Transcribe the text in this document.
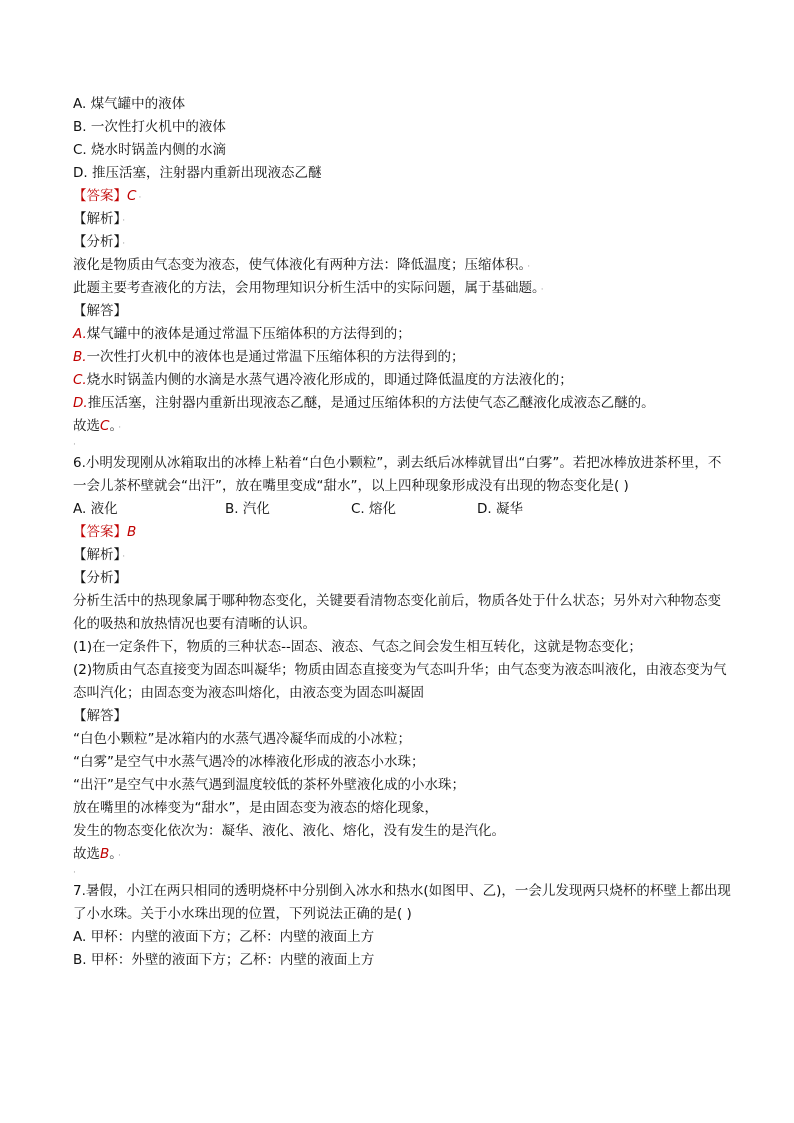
A. 煤气罐中的液体
B. 一次性打火机中的液体
C. 烧水时锅盖内侧的水滴
D. 推压活塞，注射器内重新出现液态乙醚
【答案】C ·
【解析】 ·
【分析】 ·
液化是物质由气态变为液态，使气体液化有两种方法：降低温度；压缩体积。 ·
此题主要考查液化的方法，会用物理知识分析生活中的实际问题，属于基础题。 ·
【解答】
A.煤气罐中的液体是通过常温下压缩体积的方法得到的；
B.一次性打火机中的液体也是通过常温下压缩体积的方法得到的；
C.烧水时锅盖内侧的水滴是水蒸气遇冷液化形成的，即通过降低温度的方法液化的；
D.推压活塞，注射器内重新出现液态乙醚，是通过压缩体积的方法使气态乙醚液化成液态乙醚的。
故选C。 ·
·
6.小明发现刚从冰箱取出的冰棒上粘着“白色小颗粒”，剥去纸后冰棒就冒出“白雾”。若把冰棒放进茶杯里，不一会儿茶杯壁就会“出汗”，放在嘴里变成“甜水”，以上四种现象形成没有出现的物态变化是( )
A. 液化	B. 汽化	C. 熔化	D. 凝华
【答案】B
【解析】 ·
【分析】
分析生活中的热现象属于哪种物态变化，关键要看清物态变化前后，物质各处于什么状态；另外对六种物态变化的吸热和放热情况也要有清晰的认识。
(1)在一定条件下，物质的三种状态--固态、液态、气态之间会发生相互转化，这就是物态变化；
(2)物质由气态直接变为固态叫凝华；物质由固态直接变为气态叫升华；由气态变为液态叫液化，由液态变为气态叫汽化；由固态变为液态叫熔化，由液态变为固态叫凝固
【解答】
“白色小颗粒”是冰箱内的水蒸气遇冷凝华而成的小冰粒；
“白雾”是空气中水蒸气遇冷的冰棒液化形成的液态小水珠；
“出汗”是空气中水蒸气遇到温度较低的茶杯外壁液化成的小水珠；
放在嘴里的冰棒变为“甜水”，是由固态变为液态的熔化现象，
发生的物态变化依次为：凝华、液化、液化、熔化，没有发生的是汽化。
故选B。 ·
·
7.暑假，小江在两只相同的透明烧杯中分别倒入冰水和热水(如图甲、乙)，一会儿发现两只烧杯的杯壁上都出现了小水珠。关于小水珠出现的位置，下列说法正确的是( )
A. 甲杯：内壁的液面下方；乙杯：内壁的液面上方
B. 甲杯：外壁的液面下方；乙杯：内壁的液面上方
